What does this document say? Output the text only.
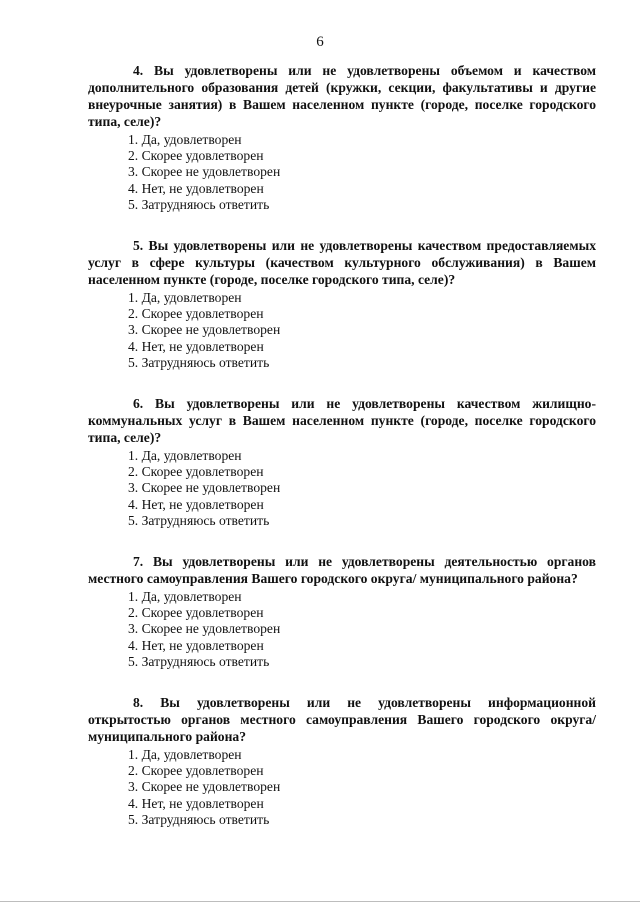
6

4. Вы удовлетворены или не удовлетворены объемом и качеством дополнительного образования детей (кружки, секции, факультативы и другие внеурочные занятия) в Вашем населенном пункте (городе, поселке городского типа, селе)?

1. Да, удовлетворен
2. Скорее удовлетворен
3. Скорее не удовлетворен
4. Нет, не удовлетворен
5. Затрудняюсь ответить

5. Вы удовлетворены или не удовлетворены качеством предоставляемых услуг в сфере культуры (качеством культурного обслуживания) в Вашем населенном пункте (городе, поселке городского типа, селе)?

1. Да, удовлетворен
2. Скорее удовлетворен
3. Скорее не удовлетворен
4. Нет, не удовлетворен
5. Затрудняюсь ответить

6. Вы удовлетворены или не удовлетворены качеством жилищно-коммунальных услуг в Вашем населенном пункте (городе, поселке городского типа, селе)?

1. Да, удовлетворен
2. Скорее удовлетворен
3. Скорее не удовлетворен
4. Нет, не удовлетворен
5. Затрудняюсь ответить

7. Вы удовлетворены или не удовлетворены деятельностью органов местного самоуправления Вашего городского округа/ муниципального района?

1. Да, удовлетворен
2. Скорее удовлетворен
3. Скорее не удовлетворен
4. Нет, не удовлетворен
5. Затрудняюсь ответить

8. Вы удовлетворены или не удовлетворены информационной открытостью органов местного самоуправления Вашего городского округа/муниципального района?

1. Да, удовлетворен
2. Скорее удовлетворен
3. Скорее не удовлетворен
4. Нет, не удовлетворен
5. Затрудняюсь ответить
